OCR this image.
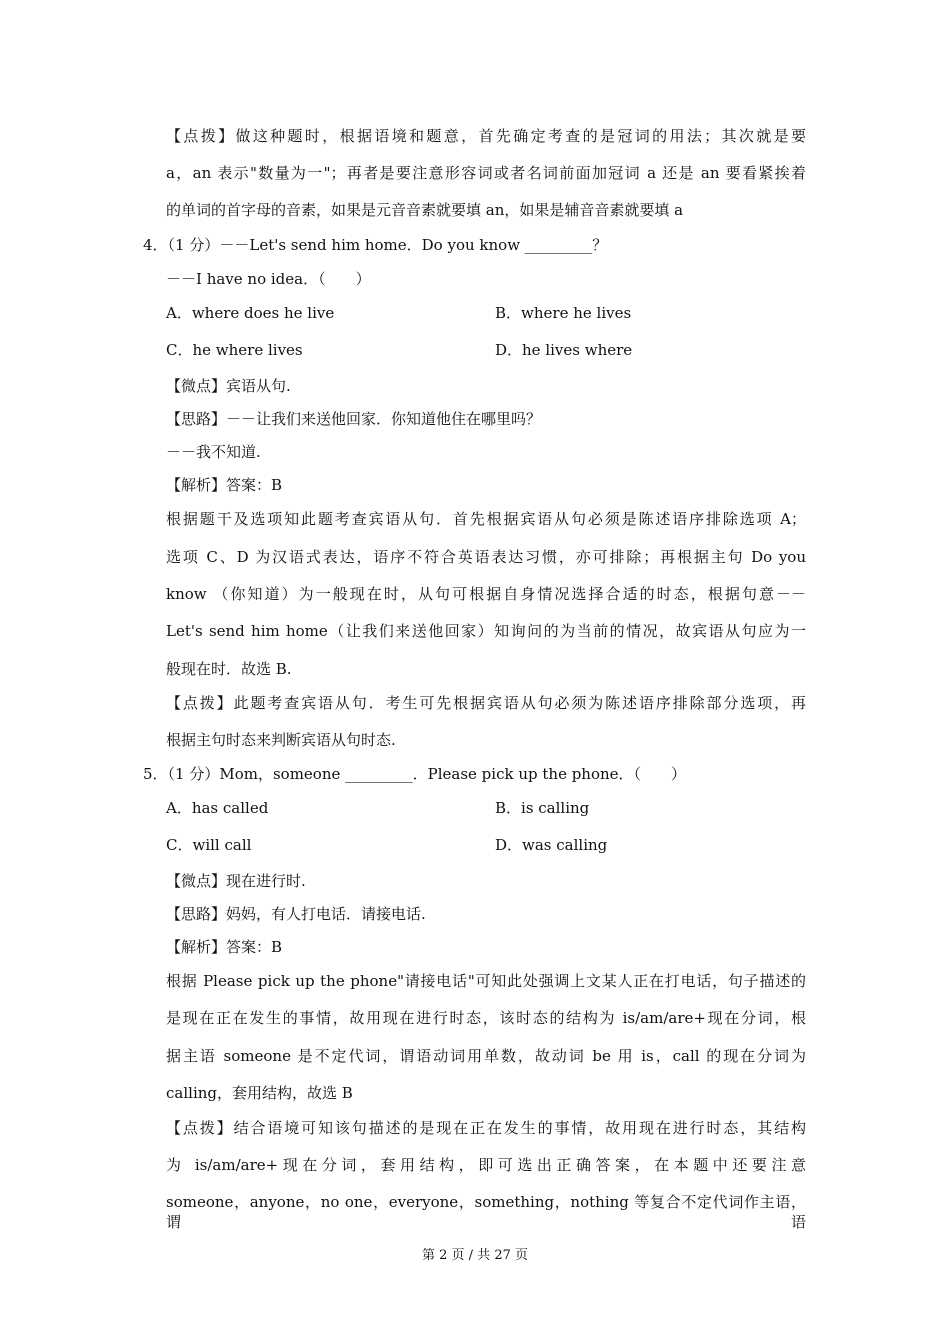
【点拨】做这种题时，根据语境和题意，首先确定考查的是冠词的用法；其次就是要
a，an 表示"数量为一"；再者是要注意形容词或者名词前面加冠词 a 还是 an 要看紧挨着
的单词的首字母的音素，如果是元音音素就要填 an，如果是辅音音素就要填 a
4．（1 分）－－Let's send him home．Do you know _________？
－－I have no idea．（　　）
A．where does he live	B．where he lives
C．he where lives	D．he lives where
【微点】宾语从句.
【思路】－－让我们来送他回家．你知道他住在哪里吗？
－－我不知道.
【解析】答案：B
根据题干及选项知此题考查宾语从句．首先根据宾语从句必须是陈述语序排除选项 A；
选项 C、D 为汉语式表达，语序不符合英语表达习惯，亦可排除；再根据主句 Do you
know （你知道）为一般现在时，从句可根据自身情况选择合适的时态，根据句意－－
Let's send him home（让我们来送他回家）知询问的为当前的情况，故宾语从句应为一
般现在时．故选 B.
【点拨】此题考查宾语从句．考生可先根据宾语从句必须为陈述语序排除部分选项，再
根据主句时态来判断宾语从句时态.
5．（1 分）Mom，someone _________．Please pick up the phone．（　　）
A．has called	B．is calling
C．will call	D．was calling
【微点】现在进行时.
【思路】妈妈，有人打电话．请接电话.
【解析】答案：B
根据 Please pick up the phone"请接电话"可知此处强调上文某人正在打电话，句子描述的
是现在正在发生的事情，故用现在进行时态，该时态的结构为 is/am/are+现在分词，根
据主语 someone 是不定代词，谓语动词用单数，故动词 be 用 is，call 的现在分词为
calling，套用结构，故选 B
【点拨】结合语境可知该句描述的是现在正在发生的事情，故用现在进行时态，其结构
为 is/am/are+现在分词，套用结构，即可选出正确答案，在本题中还要注意
someone，anyone，no one，everyone，something，nothing 等复合不定代词作主语，谓语
第 2 页 / 共 27 页
